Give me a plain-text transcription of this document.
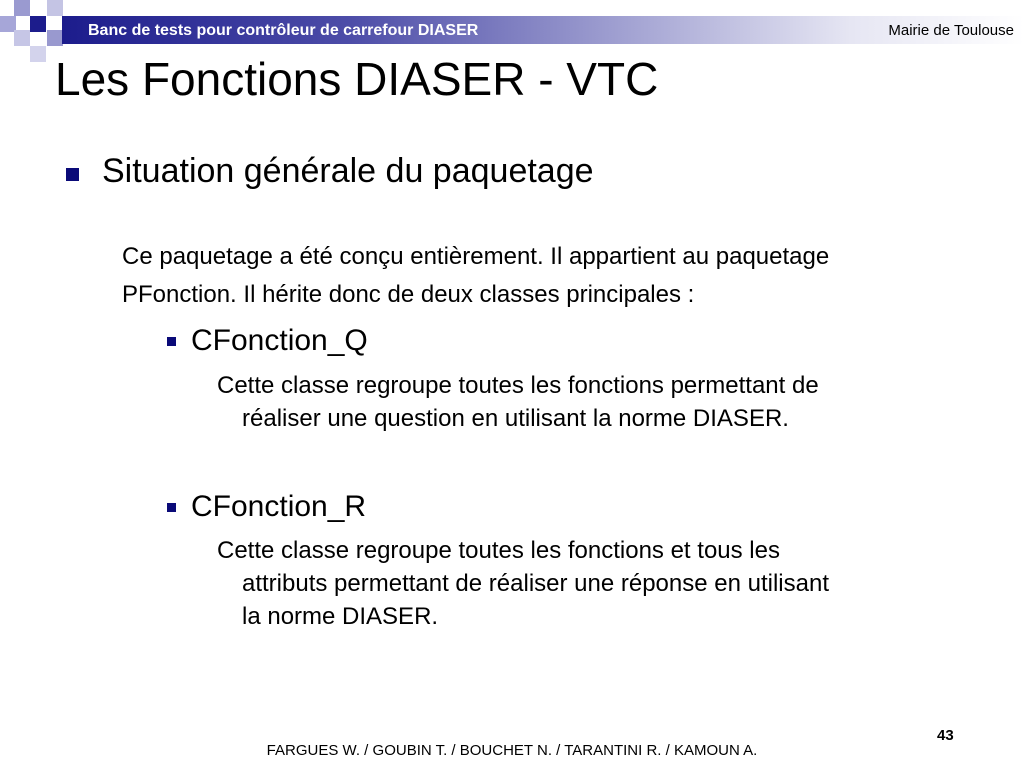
Banc de tests pour contrôleur de carrefour DIASER	Mairie de Toulouse
Les Fonctions DIASER - VTC
Situation générale du paquetage
Ce paquetage a été conçu entièrement. Il appartient au paquetage
PFonction. Il hérite donc de deux classes principales :
CFonction_Q
Cette classe regroupe toutes les fonctions permettant de
réaliser une question en utilisant la norme DIASER.
CFonction_R
Cette classe regroupe toutes les fonctions et tous les
attributs permettant de réaliser une réponse en utilisant
la norme DIASER.
43
FARGUES W. / GOUBIN T. / BOUCHET N. / TARANTINI R. / KAMOUN A.
